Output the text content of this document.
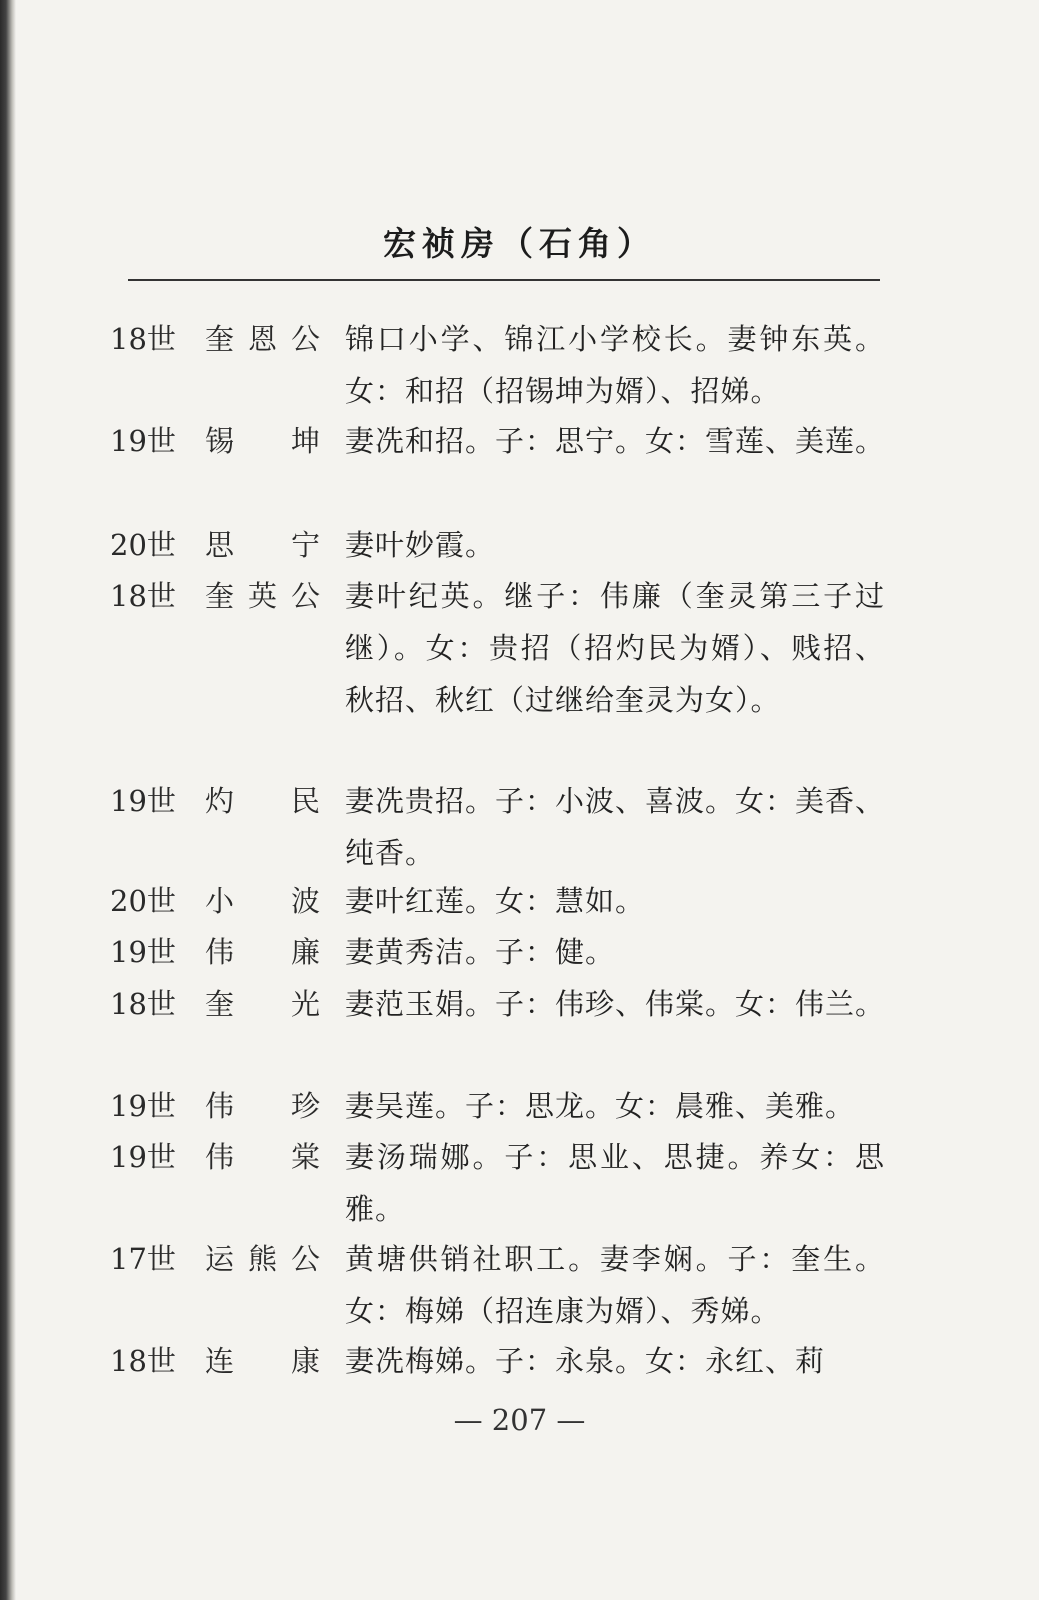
宏祯房（石角）
18世	奎恩公 锦口小学、锦江小学校长。妻钟东英。女：和招（招锡坤为婿）、招娣。
19世	锡坤 妻冼和招。子：思宁。女：雪莲、美莲。
20世	思宁 妻叶妙霞。
18世	奎英公 妻叶纪英。继子：伟廉（奎灵第三子过继）。女：贵招（招灼民为婿）、贱招、秋招、秋红（过继给奎灵为女）。
19世	灼民 妻冼贵招。子：小波、喜波。女：美香、纯香。
20世	小波 妻叶红莲。女：慧如。
19世	伟廉 妻黄秀洁。子：健。
18世	奎光 妻范玉娟。子：伟珍、伟棠。女：伟兰。
19世	伟珍 妻吴莲。子：思龙。女：晨雅、美雅。
19世	伟棠 妻汤瑞娜。子：思业、思捷。养女：思雅。
17世	运熊公 黄塘供销社职工。妻李娴。子：奎生。女：梅娣（招连康为婿）、秀娣。
18世	连康 妻冼梅娣。子：永泉。女：永红、莉
— 207 —
